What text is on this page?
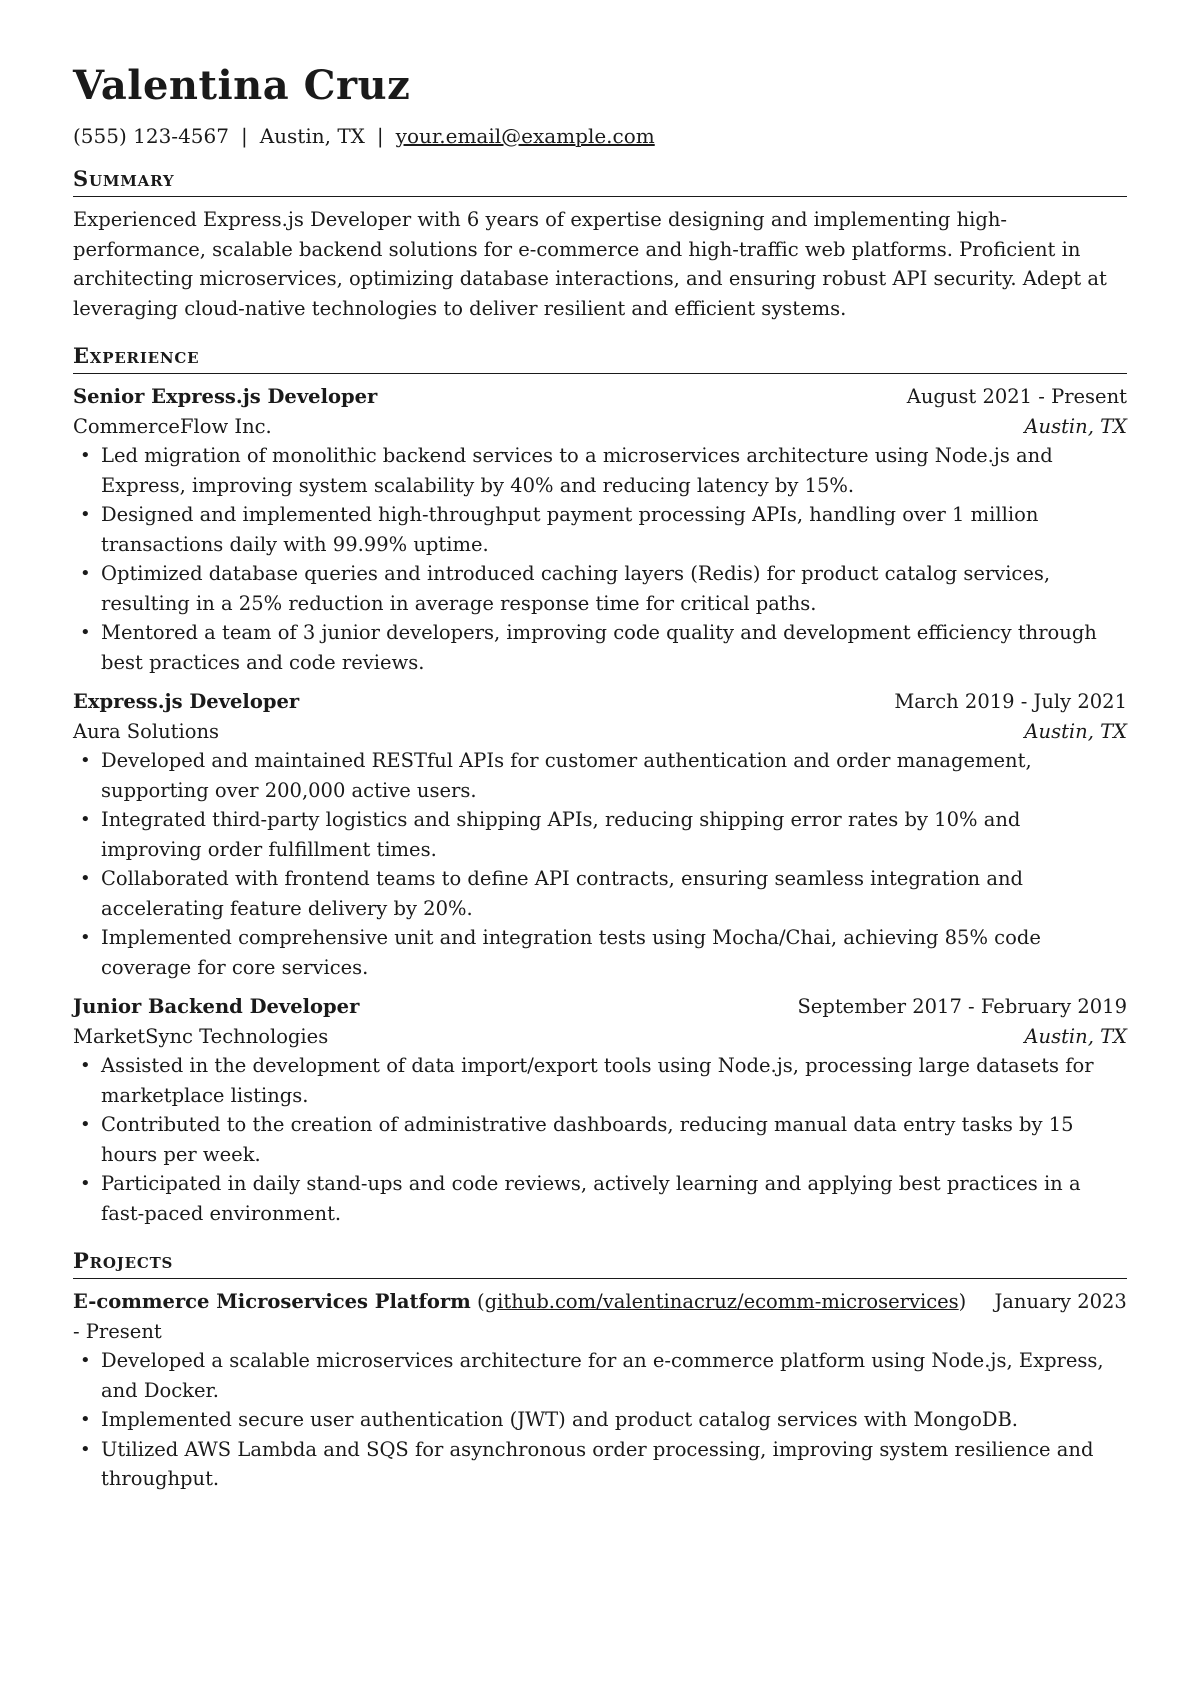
Valentina Cruz
(555) 123-4567 | Austin, TX | your.email@example.com
Summary
Experienced Express.js Developer with 6 years of expertise designing and implementing high-performance, scalable backend solutions for e-commerce and high-traffic web platforms. Proficient in architecting microservices, optimizing database interactions, and ensuring robust API security. Adept at leveraging cloud-native technologies to deliver resilient and efficient systems.
Experience
Senior Express.js Developer	August 2021 - Present
CommerceFlow Inc.	Austin, TX
• Led migration of monolithic backend services to a microservices architecture using Node.js and Express, improving system scalability by 40% and reducing latency by 15%.
• Designed and implemented high-throughput payment processing APIs, handling over 1 million transactions daily with 99.99% uptime.
• Optimized database queries and introduced caching layers (Redis) for product catalog services, resulting in a 25% reduction in average response time for critical paths.
• Mentored a team of 3 junior developers, improving code quality and development efficiency through best practices and code reviews.
Express.js Developer	March 2019 - July 2021
Aura Solutions	Austin, TX
• Developed and maintained RESTful APIs for customer authentication and order management, supporting over 200,000 active users.
• Integrated third-party logistics and shipping APIs, reducing shipping error rates by 10% and improving order fulfillment times.
• Collaborated with frontend teams to define API contracts, ensuring seamless integration and accelerating feature delivery by 20%.
• Implemented comprehensive unit and integration tests using Mocha/Chai, achieving 85% code coverage for core services.
Junior Backend Developer	September 2017 - February 2019
MarketSync Technologies	Austin, TX
• Assisted in the development of data import/export tools using Node.js, processing large datasets for marketplace listings.
• Contributed to the creation of administrative dashboards, reducing manual data entry tasks by 15 hours per week.
• Participated in daily stand-ups and code reviews, actively learning and applying best practices in a fast-paced environment.
Projects
E-commerce Microservices Platform (github.com/valentinacruz/ecomm-microservices) January 2023 - Present
• Developed a scalable microservices architecture for an e-commerce platform using Node.js, Express, and Docker.
• Implemented secure user authentication (JWT) and product catalog services with MongoDB.
• Utilized AWS Lambda and SQS for asynchronous order processing, improving system resilience and throughput.
